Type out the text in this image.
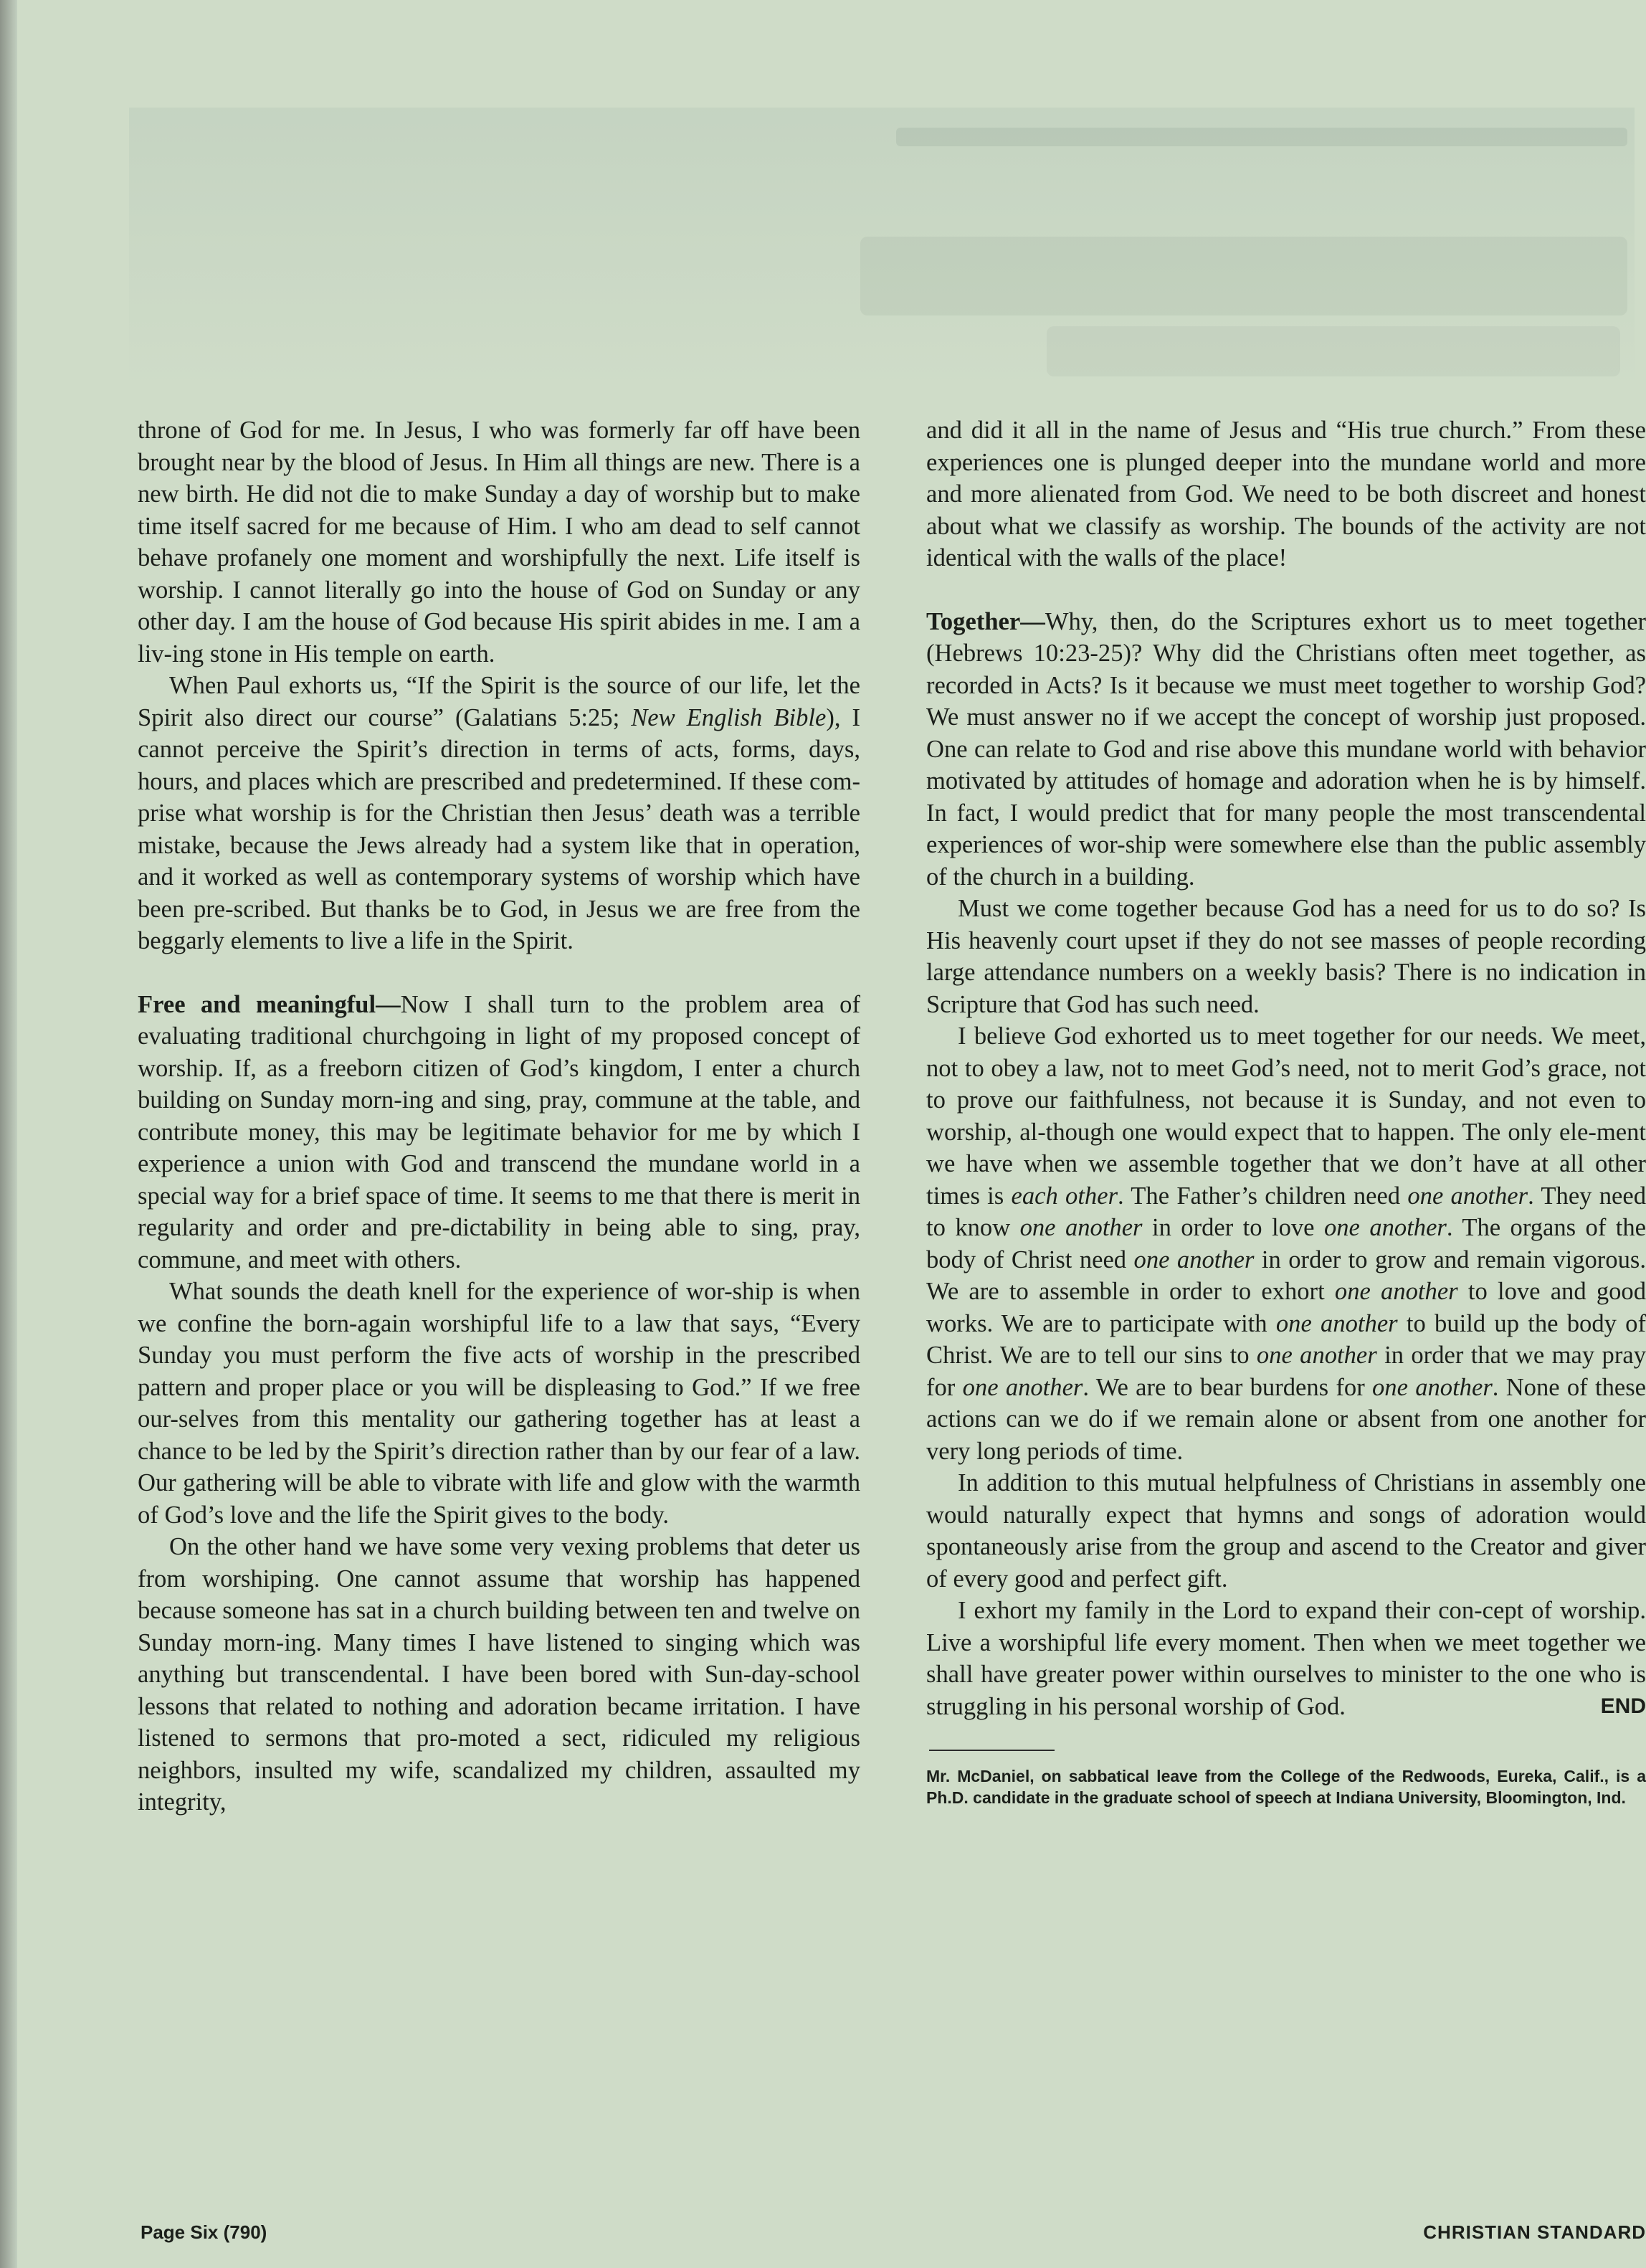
throne of God for me. In Jesus, I who was formerly far off have been brought near by the blood of Jesus. In Him all things are new. There is a new birth. He did not die to make Sunday a day of worship but to make time itself sacred for me because of Him. I who am dead to self cannot behave profanely one moment and worshipfully the next. Life itself is worship. I cannot literally go into the house of God on Sunday or any other day. I am the house of God because His spirit abides in me. I am a liv-ing stone in His temple on earth.

When Paul exhorts us, “If the Spirit is the source of our life, let the Spirit also direct our course” (Galatians 5:25; New English Bible), I cannot perceive the Spirit’s direction in terms of acts, forms, days, hours, and places which are prescribed and predetermined. If these com-prise what worship is for the Christian then Jesus’ death was a terrible mistake, because the Jews already had a system like that in operation, and it worked as well as contemporary systems of worship which have been pre-scribed. But thanks be to God, in Jesus we are free from the beggarly elements to live a life in the Spirit.

Free and meaningful—Now I shall turn to the problem area of evaluating traditional churchgoing in light of my proposed concept of worship. If, as a freeborn citizen of God’s kingdom, I enter a church building on Sunday morn-ing and sing, pray, commune at the table, and contribute money, this may be legitimate behavior for me by which I experience a union with God and transcend the mundane world in a special way for a brief space of time. It seems to me that there is merit in regularity and order and pre-dictability in being able to sing, pray, commune, and meet with others.

What sounds the death knell for the experience of wor-ship is when we confine the born-again worshipful life to a law that says, “Every Sunday you must perform the five acts of worship in the prescribed pattern and proper place or you will be displeasing to God.” If we free our-selves from this mentality our gathering together has at least a chance to be led by the Spirit’s direction rather than by our fear of a law. Our gathering will be able to vibrate with life and glow with the warmth of God’s love and the life the Spirit gives to the body.

On the other hand we have some very vexing problems that deter us from worshiping. One cannot assume that worship has happened because someone has sat in a church building between ten and twelve on Sunday morn-ing. Many times I have listened to singing which was anything but transcendental. I have been bored with Sun-day-school lessons that related to nothing and adoration became irritation. I have listened to sermons that pro-moted a sect, ridiculed my religious neighbors, insulted my wife, scandalized my children, assaulted my integrity,

and did it all in the name of Jesus and “His true church.” From these experiences one is plunged deeper into the mundane world and more and more alienated from God. We need to be both discreet and honest about what we classify as worship. The bounds of the activity are not identical with the walls of the place!

Together—Why, then, do the Scriptures exhort us to meet together (Hebrews 10:23-25)? Why did the Christians often meet together, as recorded in Acts? Is it because we must meet together to worship God? We must answer no if we accept the concept of worship just proposed. One can relate to God and rise above this mundane world with behavior motivated by attitudes of homage and adoration when he is by himself. In fact, I would predict that for many people the most transcendental experiences of wor-ship were somewhere else than the public assembly of the church in a building.

Must we come together because God has a need for us to do so? Is His heavenly court upset if they do not see masses of people recording large attendance numbers on a weekly basis? There is no indication in Scripture that God has such need.

I believe God exhorted us to meet together for our needs. We meet, not to obey a law, not to meet God’s need, not to merit God’s grace, not to prove our faithfulness, not because it is Sunday, and not even to worship, al-though one would expect that to happen. The only ele-ment we have when we assemble together that we don’t have at all other times is each other. The Father’s children need one another. They need to know one another in order to love one another. The organs of the body of Christ need one another in order to grow and remain vigorous. We are to assemble in order to exhort one another to love and good works. We are to participate with one another to build up the body of Christ. We are to tell our sins to one another in order that we may pray for one another. We are to bear burdens for one another. None of these actions can we do if we remain alone or absent from one another for very long periods of time.

In addition to this mutual helpfulness of Christians in assembly one would naturally expect that hymns and songs of adoration would spontaneously arise from the group and ascend to the Creator and giver of every good and perfect gift.

I exhort my family in the Lord to expand their con-cept of worship. Live a worshipful life every moment. Then when we meet together we shall have greater power within ourselves to minister to the one who is struggling in his personal worship of God.	END

Mr. McDaniel, on sabbatical leave from the College of the Redwoods, Eureka, Calif., is a Ph.D. candidate in the graduate school of speech at Indiana University, Bloomington, Ind.
Page Six (790)	CHRISTIAN STANDARD
